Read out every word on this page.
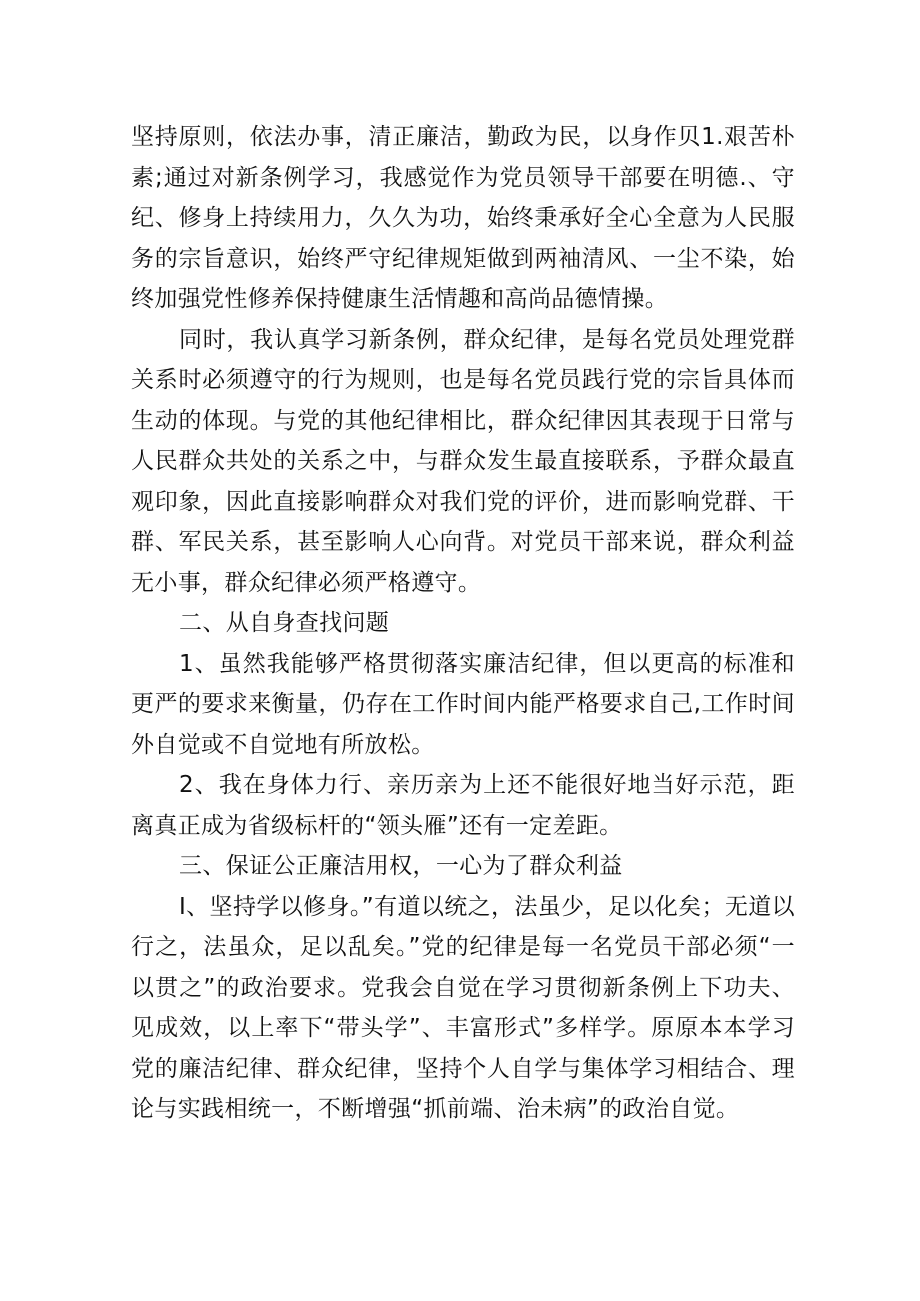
坚持原则，依法办事，清正廉洁，勤政为民，以身作贝1.艰苦朴素;通过对新条例学习，我感觉作为党员领导干部要在明德.、守纪、修身上持续用力，久久为功，始终秉承好全心全意为人民服务的宗旨意识，始终严守纪律规矩做到两袖清风、一尘不染，始终加强党性修养保持健康生活情趣和高尚品德情操。

同时，我认真学习新条例，群众纪律，是每名党员处理党群关系时必须遵守的行为规则，也是每名党员践行党的宗旨具体而生动的体现。与党的其他纪律相比，群众纪律因其表现于日常与人民群众共处的关系之中，与群众发生最直接联系，予群众最直观印象，因此直接影响群众对我们党的评价，进而影响党群、干群、军民关系，甚至影响人心向背。对党员干部来说，群众利益无小事，群众纪律必须严格遵守。

二、从自身查找问题

1、虽然我能够严格贯彻落实廉洁纪律，但以更高的标准和更严的要求来衡量，仍存在工作时间内能严格要求自己,工作时间外自觉或不自觉地有所放松。

2、我在身体力行、亲历亲为上还不能很好地当好示范，距离真正成为省级标杆的“领头雁”还有一定差距。

三、保证公正廉洁用权，一心为了群众利益

I、坚持学以修身。”有道以统之，法虽少，足以化矣；无道以行之，法虽众，足以乱矣。”党的纪律是每一名党员干部必须“一以贯之”的政治要求。党我会自觉在学习贯彻新条例上下功夫、见成效，以上率下“带头学”、丰富形式”多样学。原原本本学习党的廉洁纪律、群众纪律，坚持个人自学与集体学习相结合、理论与实践相统一，不断增强“抓前端、治未病”的政治自觉。
